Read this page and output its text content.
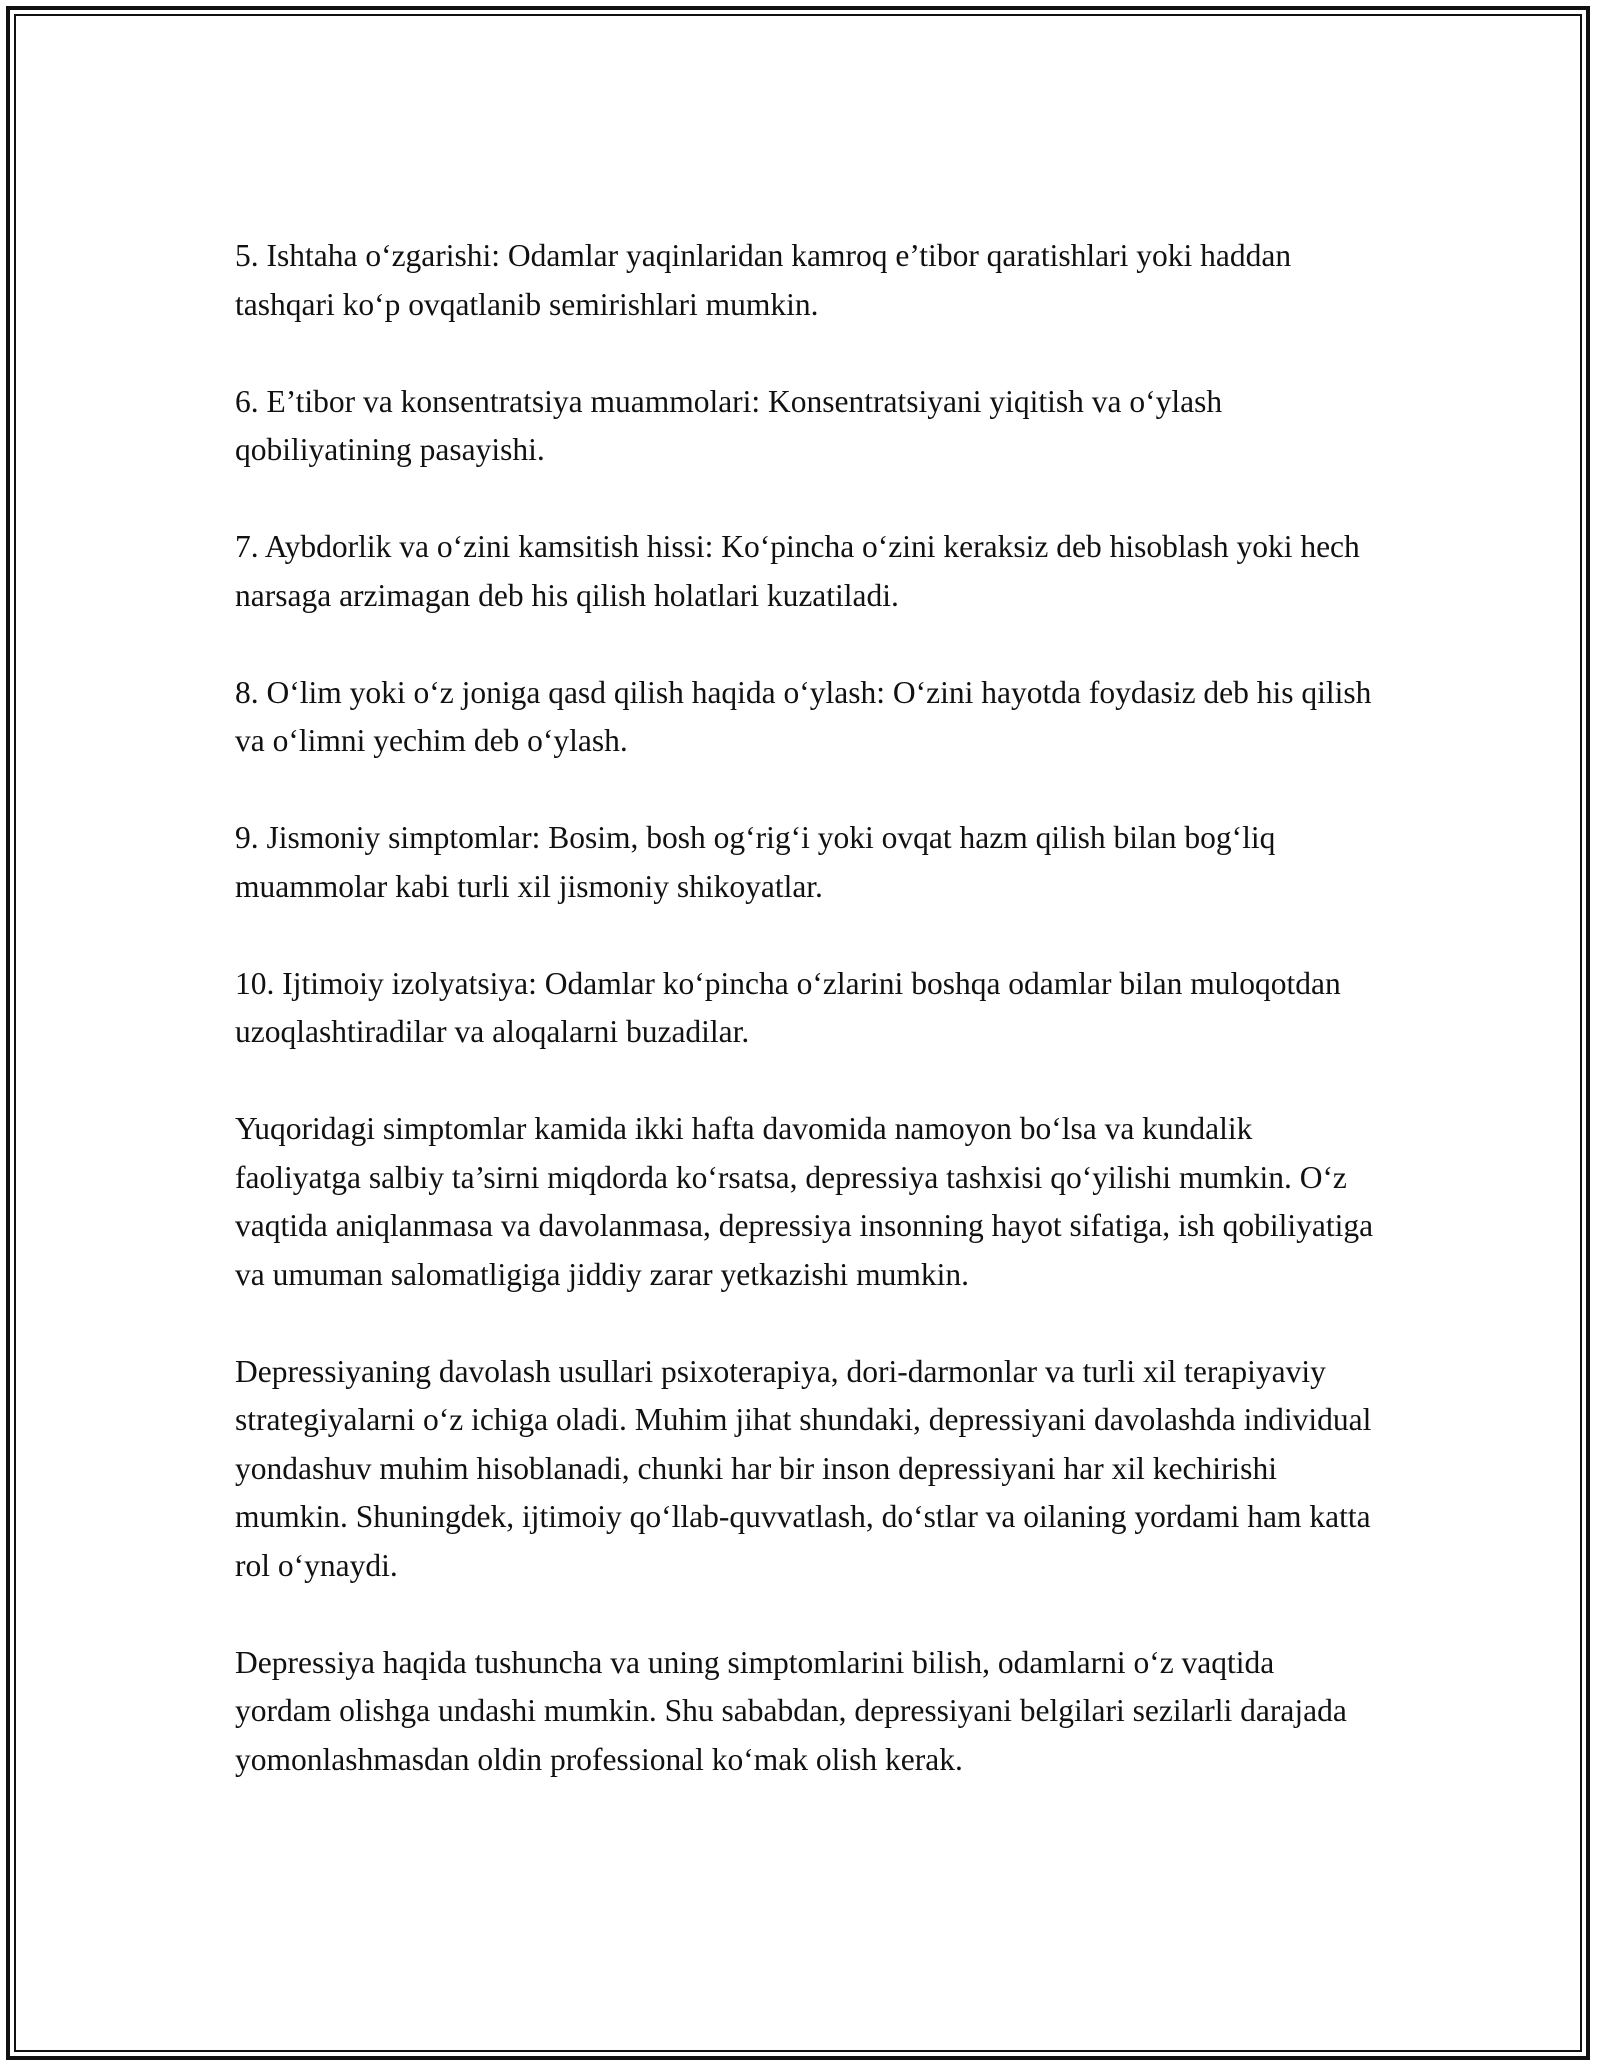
5. Ishtaha o‘zgarishi: Odamlar yaqinlaridan kamroq e’tibor qaratishlari yoki haddan tashqari ko‘p ovqatlanib semirishlari mumkin.

6. E’tibor va konsentratsiya muammolari: Konsentratsiyani yiqitish va o‘ylash qobiliyatining pasayishi.

7. Aybdorlik va o‘zini kamsitish hissi: Ko‘pincha o‘zini keraksiz deb hisoblash yoki hech narsaga arzimagan deb his qilish holatlari kuzatiladi.

8. O‘lim yoki o‘z joniga qasd qilish haqida o‘ylash: O‘zini hayotda foydasiz deb his qilish va o‘limni yechim deb o‘ylash.

9. Jismoniy simptomlar: Bosim, bosh og‘rig‘i yoki ovqat hazm qilish bilan bog‘liq muammolar kabi turli xil jismoniy shikoyatlar.

10. Ijtimoiy izolyatsiya: Odamlar ko‘pincha o‘zlarini boshqa odamlar bilan muloqotdan uzoqlashtiradilar va aloqalarni buzadilar.

Yuqoridagi simptomlar kamida ikki hafta davomida namoyon bo‘lsa va kundalik faoliyatga salbiy ta’sirni miqdorda ko‘rsatsa, depressiya tashxisi qo‘yilishi mumkin. O‘z vaqtida aniqlanmasa va davolanmasa, depressiya insonning hayot sifatiga, ish qobiliyatiga va umuman salomatligiga jiddiy zarar yetkazishi mumkin.

Depressiyaning davolash usullari psixoterapiya, dori-darmonlar va turli xil terapiyaviy strategiyalarni o‘z ichiga oladi. Muhim jihat shundaki, depressiyani davolashda individual yondashuv muhim hisoblanadi, chunki har bir inson depressiyani har xil kechirishi mumkin. Shuningdek, ijtimoiy qo‘llab-quvvatlash, do‘stlar va oilaning yordami ham katta rol o‘ynaydi.

Depressiya haqida tushuncha va uning simptomlarini bilish, odamlarni o‘z vaqtida yordam olishga undashi mumkin. Shu sababdan, depressiyani belgilari sezilarli darajada yomonlashmasdan oldin professional ko‘mak olish kerak.
